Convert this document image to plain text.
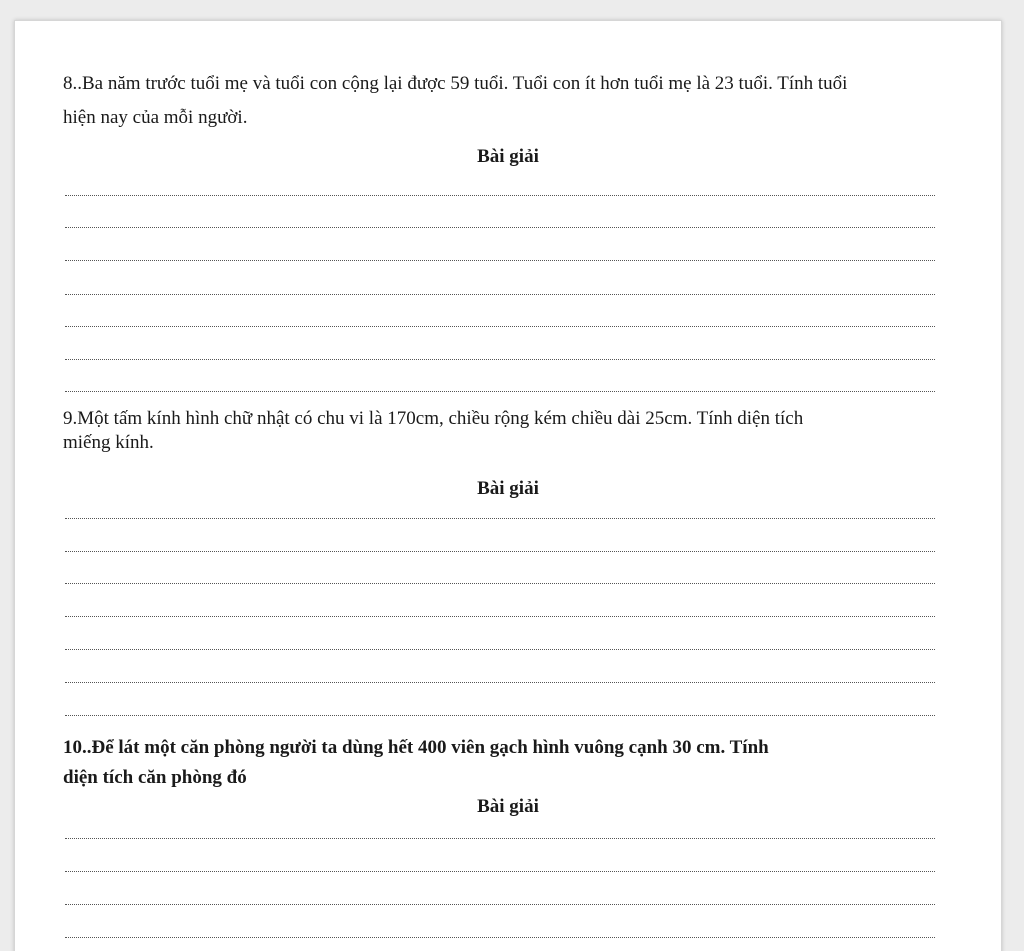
8..Ba năm trước tuổi mẹ và tuổi con cộng lại được 59 tuổi. Tuổi con ít hơn tuổi mẹ là 23 tuổi. Tính tuổi
hiện nay của mỗi người.
Bài giải
9.Một tấm kính hình chữ nhật có chu vi là 170cm, chiều rộng kém chiều dài 25cm. Tính diện tích
miếng kính.
Bài giải
10..Để lát một căn phòng người ta dùng hết 400 viên gạch hình vuông cạnh 30 cm. Tính
diện tích căn phòng đó
Bài giải
